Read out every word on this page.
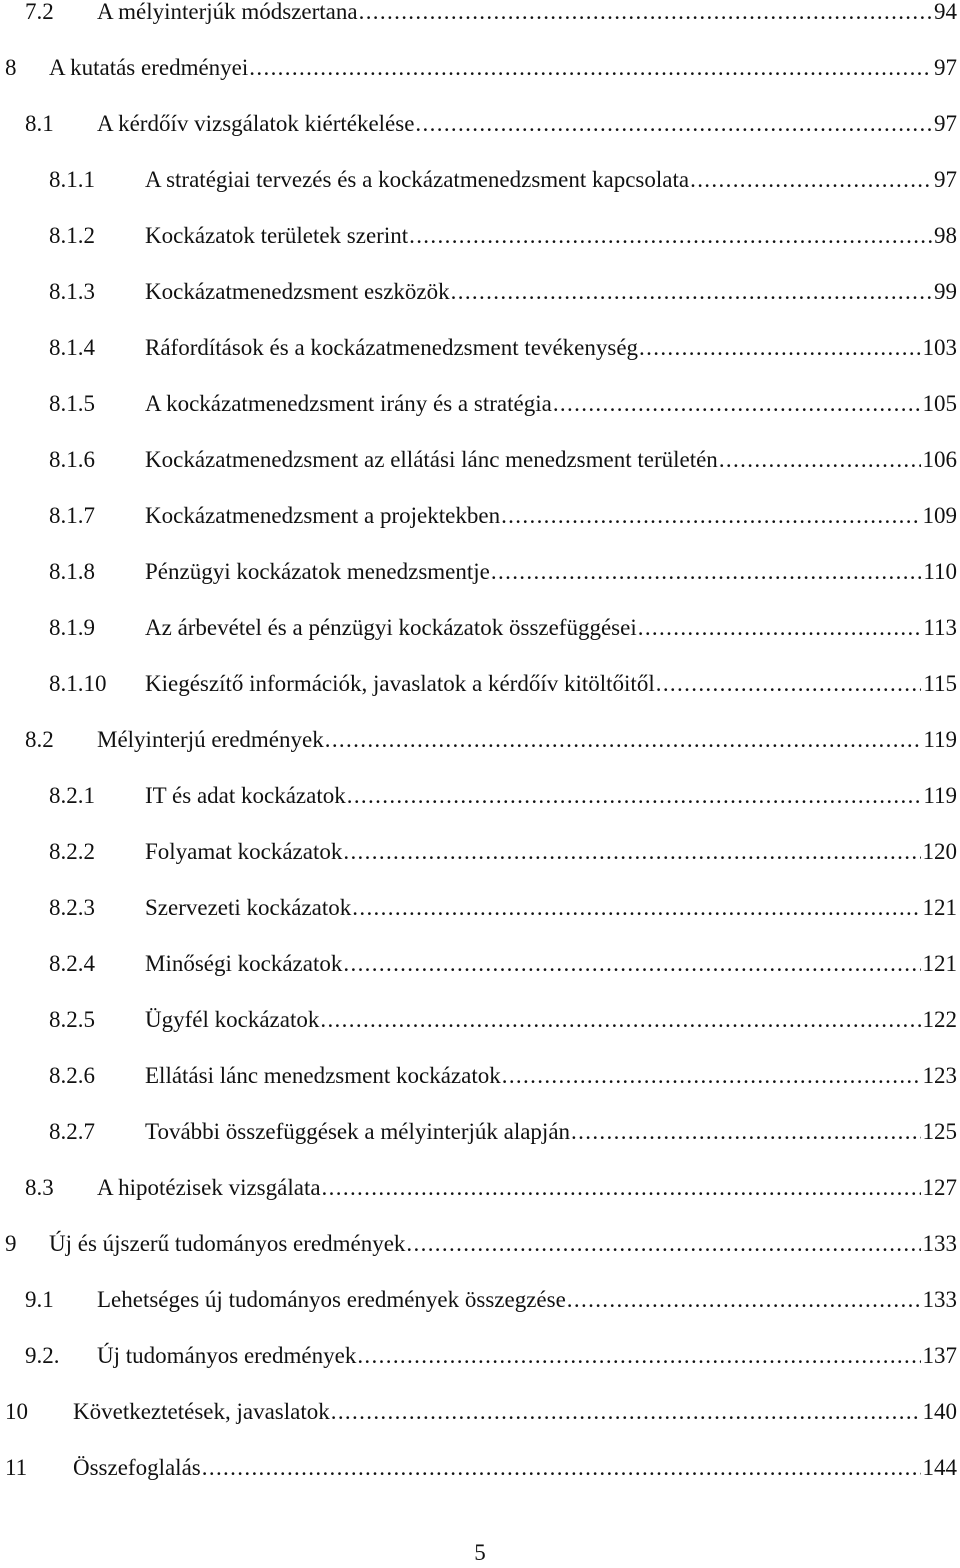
7.2 A mélyinterjúk módszertana . . .	94
8 A kutatás eredményei . . .	97
8.1 A kérdőív vizsgálatok kiértékelése . . .	97
8.1.1 A stratégiai tervezés és a kockázatmenedzsment kapcsolata . . .	97
8.1.2 Kockázatok területek szerint . . .	98
8.1.3 Kockázatmenedzsment eszközök . . .	99
8.1.4 Ráfordítások és a kockázatmenedzsment tevékenység . . .	103
8.1.5 A kockázatmenedzsment irány és a stratégia . . .	105
8.1.6 Kockázatmenedzsment az ellátási lánc menedzsment területén . . .	106
8.1.7 Kockázatmenedzsment a projektekben . . .	109
8.1.8 Pénzügyi kockázatok menedzsmentje . . .	110
8.1.9 Az árbevétel és a pénzügyi kockázatok összefüggései . . .	113
8.1.10 Kiegészítő információk, javaslatok a kérdőív kitöltőitől . . .	115
8.2 Mélyinterjú eredmények . . .	119
8.2.1 IT és adat kockázatok . . .	119
8.2.2 Folyamat kockázatok . . .	120
8.2.3 Szervezeti kockázatok . . .	121
8.2.4 Minőségi kockázatok . . .	121
8.2.5 Ügyfél kockázatok . . .	122
8.2.6 Ellátási lánc menedzsment kockázatok . . .	123
8.2.7 További összefüggések a mélyinterjúk alapján . . .	125
8.3 A hipotézisek vizsgálata . . .	127
9 Új és újszerű tudományos eredmények . . .	133
9.1 Lehetséges új tudományos eredmények összegzése . . .	133
9.2. Új tudományos eredmények . . .	137
10 Következtetések, javaslatok . . .	140
11 Összefoglalás . . .	144
5
